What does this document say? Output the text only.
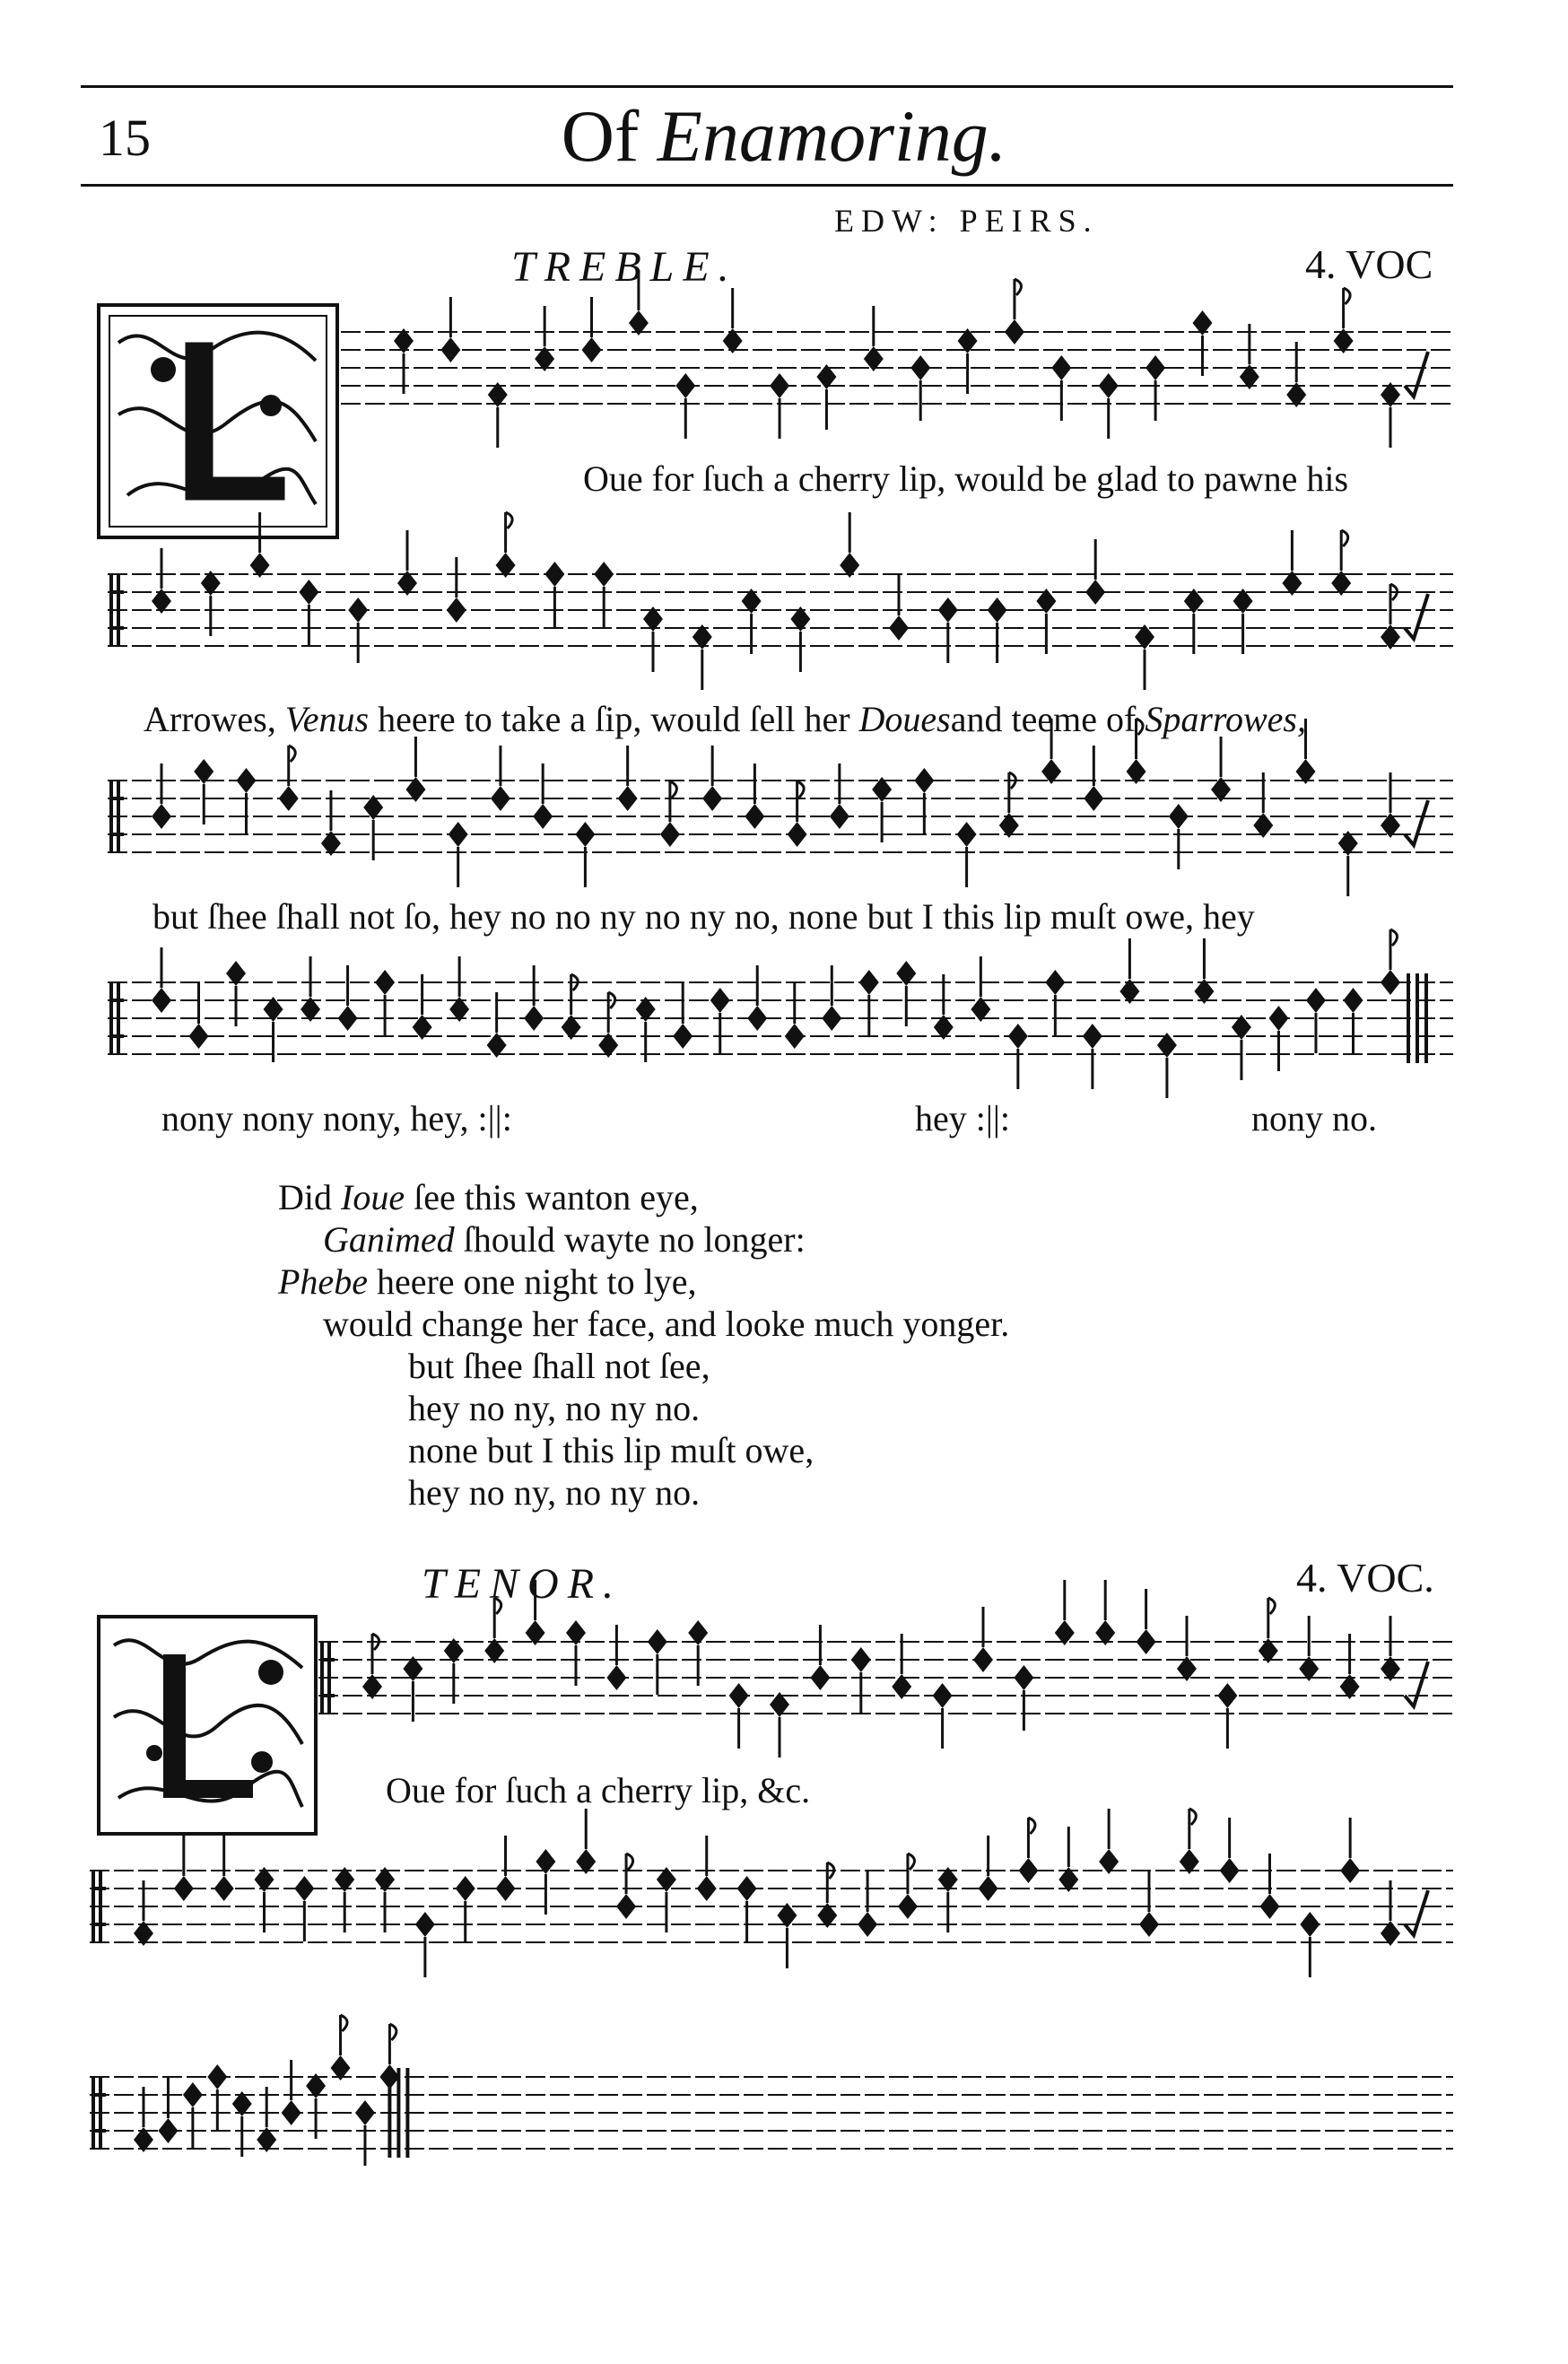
15	Of Enamoring.
EDW: PEIRS.
TREBLE.	4. VOC
Oue for ſuch a cherry lip, would be glad to pawne his
Arrowes, Venus heere to take a ſip, would ſell her Douesand teeme of Sparrowes,
but ſhee ſhall not ſo, hey no no ny no ny no, none but I this lip muſt owe, hey
nony nony nony, hey, :||:	hey :||:	nony no.
Did Ioue ſee this wanton eye,
Ganimed ſhould wayte no longer:
Phebe heere one night to lye,
would change her face, and looke much yonger.
but ſhee ſhall not ſee,
hey no ny, no ny no.
none but I this lip muſt owe,
hey no ny, no ny no.
TENOR.	4. VOC.
Oue for ſuch a cherry lip, &c.
